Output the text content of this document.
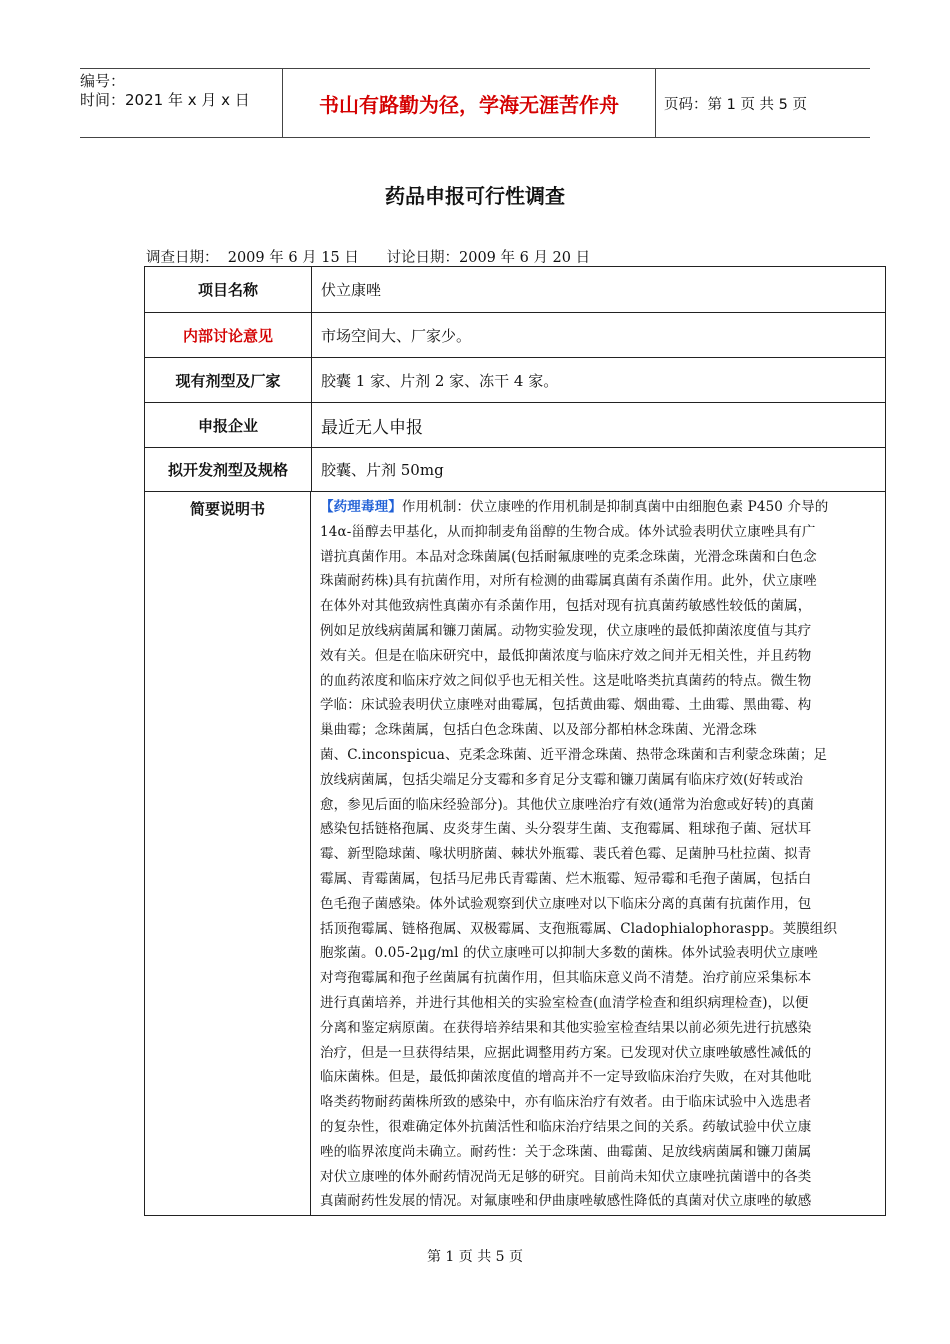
编号：
时间：2021 年 x 月 x 日	书山有路勤为径，学海无涯苦作舟	页码：第 1 页 共 5 页
药品申报可行性调查
调查日期：  2009 年 6 月 15 日      讨论日期：2009 年 6 月 20 日
项目名称	伏立康唑
内部讨论意见	市场空间大、厂家少。
现有剂型及厂家	胶囊 1 家、片剂 2 家、冻干 4 家。
申报企业	最近无人申报
拟开发剂型及规格	胶囊、片剂 50mg
简要说明书	【药理毒理】作用机制：伏立康唑的作用机制是抑制真菌中由细胞色素 P450 介导的
14α-甾醇去甲基化，从而抑制麦角甾醇的生物合成。体外试验表明伏立康唑具有广
谱抗真菌作用。本品对念珠菌属(包括耐氟康唑的克柔念珠菌，光滑念珠菌和白色念
珠菌耐药株)具有抗菌作用，对所有检测的曲霉属真菌有杀菌作用。此外，伏立康唑
在体外对其他致病性真菌亦有杀菌作用，包括对现有抗真菌药敏感性较低的菌属，
例如足放线病菌属和镰刀菌属。动物实验发现，伏立康唑的最低抑菌浓度值与其疗
效有关。但是在临床研究中，最低抑菌浓度与临床疗效之间并无相关性，并且药物
的血药浓度和临床疗效之间似乎也无相关性。这是吡咯类抗真菌药的特点。微生物
学临：床试验表明伏立康唑对曲霉属，包括黄曲霉、烟曲霉、土曲霉、黑曲霉、构
巢曲霉；念珠菌属，包括白色念珠菌、以及部分都柏林念珠菌、光滑念珠
菌、C.inconspicua、克柔念珠菌、近平滑念珠菌、热带念珠菌和吉利蒙念珠菌；足
放线病菌属，包括尖端足分支霉和多育足分支霉和镰刀菌属有临床疗效(好转或治
愈，参见后面的临床经验部分)。其他伏立康唑治疗有效(通常为治愈或好转)的真菌
感染包括链格孢属、皮炎芽生菌、头分裂芽生菌、支孢霉属、粗球孢子菌、冠状耳
霉、新型隐球菌、喙状明脐菌、棘状外瓶霉、裴氏着色霉、足菌肿马杜拉菌、拟青
霉属、青霉菌属，包括马尼弗氏青霉菌、烂木瓶霉、短帚霉和毛孢子菌属，包括白
色毛孢子菌感染。体外试验观察到伏立康唑对以下临床分离的真菌有抗菌作用，包
括顶孢霉属、链格孢属、双极霉属、支孢瓶霉属、Cladophialophoraspp。荚膜组织
胞浆菌。0.05-2μg/ml 的伏立康唑可以抑制大多数的菌株。体外试验表明伏立康唑
对弯孢霉属和孢子丝菌属有抗菌作用，但其临床意义尚不清楚。治疗前应采集标本
进行真菌培养，并进行其他相关的实验室检查(血清学检查和组织病理检查)，以便
分离和鉴定病原菌。在获得培养结果和其他实验室检查结果以前必须先进行抗感染
治疗，但是一旦获得结果，应据此调整用药方案。已发现对伏立康唑敏感性减低的
临床菌株。但是，最低抑菌浓度值的增高并不一定导致临床治疗失败，在对其他吡
咯类药物耐药菌株所致的感染中，亦有临床治疗有效者。由于临床试验中入选患者
的复杂性，很难确定体外抗菌活性和临床治疗结果之间的关系。药敏试验中伏立康
唑的临界浓度尚未确立。耐药性：关于念珠菌、曲霉菌、足放线病菌属和镰刀菌属
对伏立康唑的体外耐药情况尚无足够的研究。目前尚未知伏立康唑抗菌谱中的各类
真菌耐药性发展的情况。对氟康唑和伊曲康唑敏感性降低的真菌对伏立康唑的敏感
第 1 页 共 5 页
